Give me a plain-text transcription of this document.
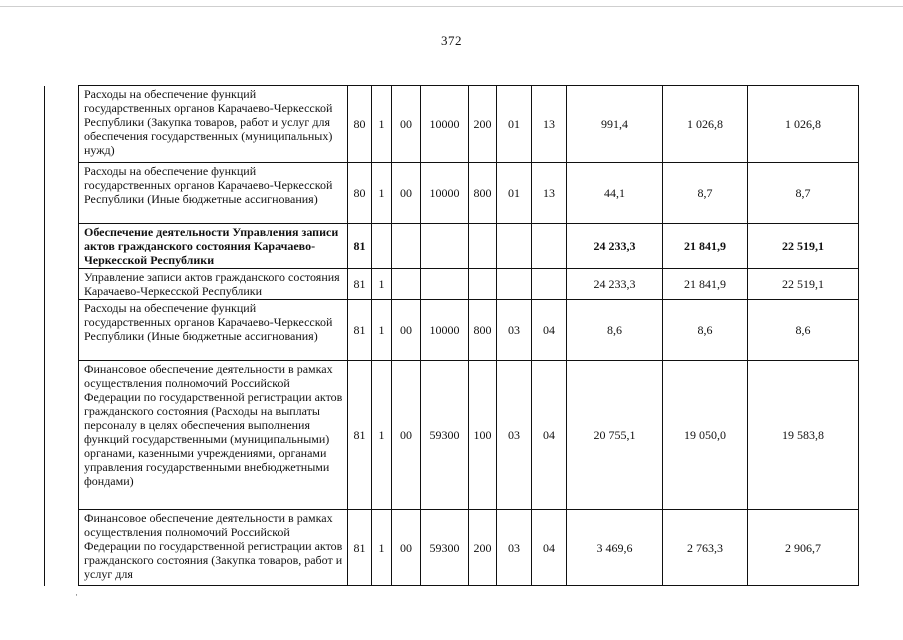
372
	Расходы на обеспечение функций государственных органов Карачаево-Черкесской Республики (Закупка товаров, работ и услуг для обеспечения государственных (муниципальных) нужд)	80	1	00	10000	200	01	13	991,4	1 026,8	1 026,8
	Расходы на обеспечение функций государственных органов Карачаево-Черкесской Республики (Иные бюджетные ассигнования)	80	1	00	10000	800	01	13	44,1	8,7	8,7
	Обеспечение деятельности Управления записи актов гражданского состояния Карачаево-Черкесской Республики	81							24 233,3	21 841,9	22 519,1
	Управление записи актов гражданского состояния Карачаево-Черкесской Республики	81	1						24 233,3	21 841,9	22 519,1
	Расходы на обеспечение функций государственных органов Карачаево-Черкесской Республики (Иные бюджетные ассигнования)	81	1	00	10000	800	03	04	8,6	8,6	8,6
	Финансовое обеспечение деятельности в рамках осуществления полномочий Российской Федерации по государственной регистрации актов гражданского состояния (Расходы на выплаты персоналу в целях обеспечения выполнения функций государственными (муниципальными) органами, казенными учреждениями, органами управления государственными внебюджетными фондами)	81	1	00	59300	100	03	04	20 755,1	19 050,0	19 583,8
	Финансовое обеспечение деятельности в рамках осуществления полномочий Российской Федерации по государственной регистрации актов гражданского состояния (Закупка товаров, работ и услуг для	81	1	00	59300	200	03	04	3 469,6	2 763,3	2 906,7
·
